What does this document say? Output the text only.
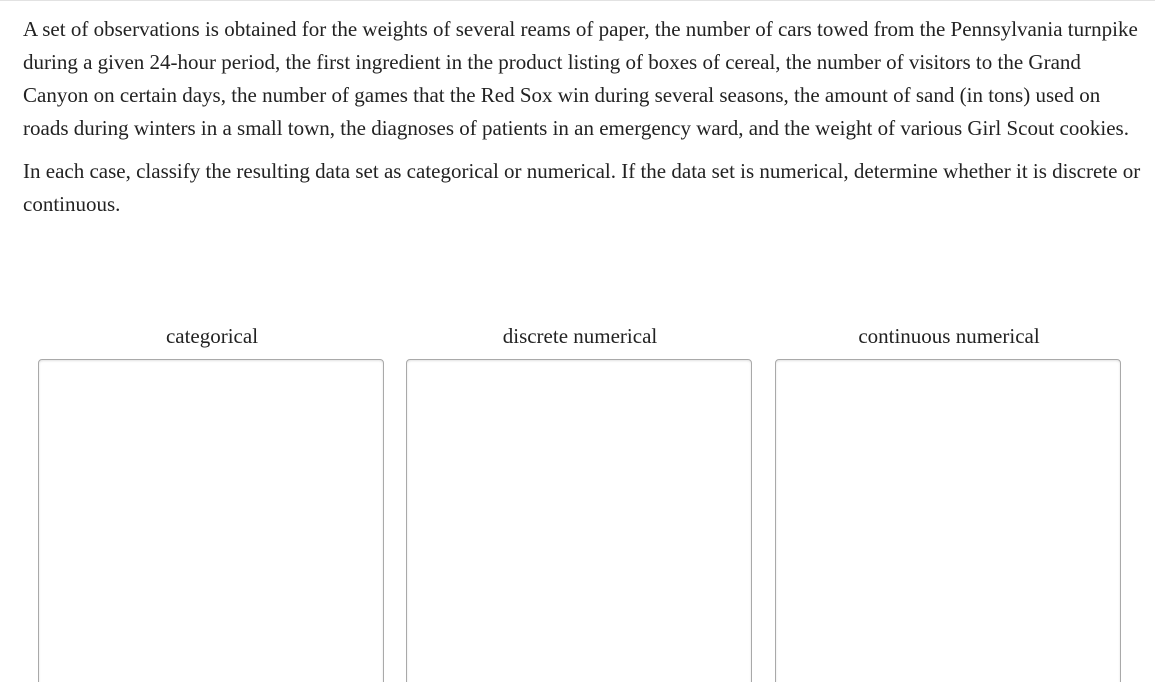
A set of observations is obtained for the weights of several reams of paper, the number of cars towed from the Pennsylvania turnpike during a given 24-hour period, the first ingredient in the product listing of boxes of cereal, the number of visitors to the Grand Canyon on certain days, the number of games that the Red Sox win during several seasons, the amount of sand (in tons) used on roads during winters in a small town, the diagnoses of patients in an emergency ward, and the weight of various Girl Scout cookies.

In each case, classify the resulting data set as categorical or numerical. If the data set is numerical, determine whether it is discrete or continuous.

categorical	discrete numerical	continuous numerical
